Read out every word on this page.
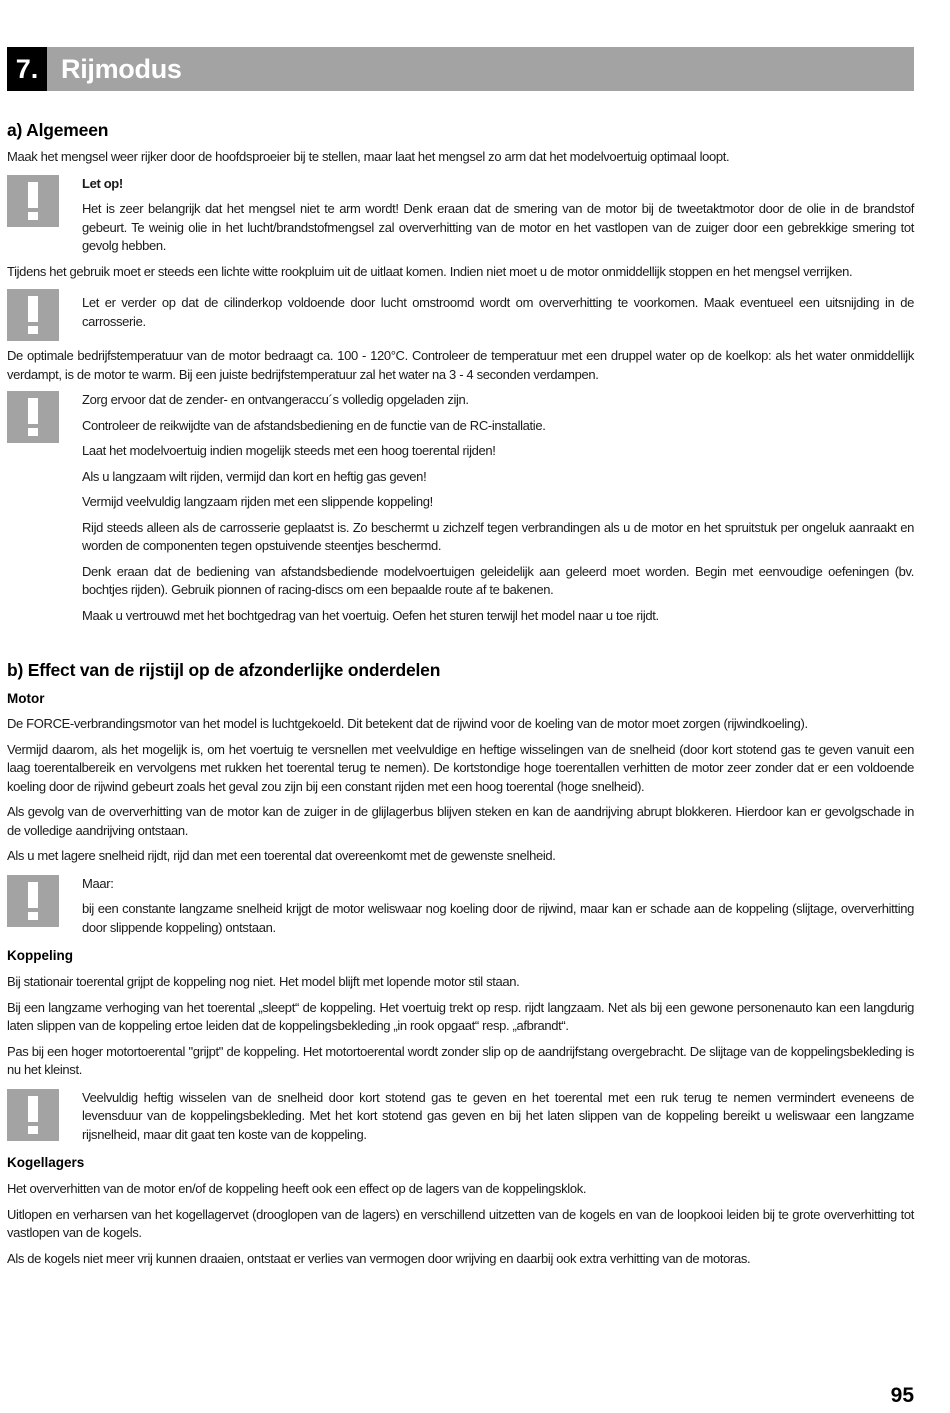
7. Rijmodus
a) Algemeen

Maak het mengsel weer rijker door de hoofdsproeier bij te stellen, maar laat het mengsel zo arm dat het modelvoertuig optimaal loopt.

Let op!

Het is zeer belangrijk dat het mengsel niet te arm wordt! Denk eraan dat de smering van de motor bij de tweetaktmotor door de olie in de brandstof gebeurt. Te weinig olie in het lucht/brandstofmengsel zal oververhitting van de motor en het vastlopen van de zuiger door een gebrekkige smering tot gevolg hebben.

Tijdens het gebruik moet er steeds een lichte witte rookpluim uit de uitlaat komen. Indien niet moet u de motor onmiddellijk stoppen en het mengsel verrijken.

Let er verder op dat de cilinderkop voldoende door lucht omstroomd wordt om oververhitting te voorkomen. Maak eventueel een uitsnijding in de carrosserie.

De optimale bedrijfstemperatuur van de motor bedraagt ca. 100 - 120°C. Controleer de temperatuur met een druppel water op de koelkop: als het water onmiddellijk verdampt, is de motor te warm. Bij een juiste bedrijfstemperatuur zal het water na 3 - 4 seconden verdampen.

Zorg ervoor dat de zender- en ontvangeraccu´s volledig opgeladen zijn.

Controleer de reikwijdte van de afstandsbediening en de functie van de RC-installatie.

Laat het modelvoertuig indien mogelijk steeds met een hoog toerental rijden!

Als u langzaam wilt rijden, vermijd dan kort en heftig gas geven!

Vermijd veelvuldig langzaam rijden met een slippende koppeling!

Rijd steeds alleen als de carrosserie geplaatst is. Zo beschermt u zichzelf tegen verbrandingen als u de motor en het spruitstuk per ongeluk aanraakt en worden de componenten tegen opstuivende steentjes beschermd.

Denk eraan dat de bediening van afstandsbediende modelvoertuigen geleidelijk aan geleerd moet worden. Begin met eenvoudige oefeningen (bv. bochtjes rijden). Gebruik pionnen of racing-discs om een bepaalde route af te bakenen.

Maak u vertrouwd met het bochtgedrag van het voertuig. Oefen het sturen terwijl het model naar u toe rijdt.

b) Effect van de rijstijl op de afzonderlijke onderdelen
Motor

De FORCE-verbrandingsmotor van het model is luchtgekoeld. Dit betekent dat de rijwind voor de koeling van de motor moet zorgen (rijwindkoeling).

Vermijd daarom, als het mogelijk is, om het voertuig te versnellen met veelvuldige en heftige wisselingen van de snelheid (door kort stotend gas te geven vanuit een laag toerentalbereik en vervolgens met rukken het toerental terug te nemen). De kortstondige hoge toerentallen verhitten de motor zeer zonder dat er een voldoende koeling door de rijwind gebeurt zoals het geval zou zijn bij een constant rijden met een hoog toerental (hoge snelheid).

Als gevolg van de oververhitting van de motor kan de zuiger in de glijlagerbus blijven steken en kan de aandrijving abrupt blokkeren. Hierdoor kan er gevolgschade in de volledige aandrijving ontstaan.

Als u met lagere snelheid rijdt, rijd dan met een toerental dat overeenkomt met de gewenste snelheid.

Maar:

bij een constante langzame snelheid krijgt de motor weliswaar nog koeling door de rijwind, maar kan er schade aan de koppeling (slijtage, oververhitting door slippende koppeling) ontstaan.

Koppeling

Bij stationair toerental grijpt de koppeling nog niet. Het model blijft met lopende motor stil staan.

Bij een langzame verhoging van het toerental „sleept“ de koppeling. Het voertuig trekt op resp. rijdt langzaam. Net als bij een gewone personenauto kan een langdurig laten slippen van de koppeling ertoe leiden dat de koppelingsbekleding „in rook opgaat“ resp. „afbrandt“.

Pas bij een hoger motortoerental "grijpt" de koppeling. Het motortoerental wordt zonder slip op de aandrijfstang overgebracht. De slijtage van de koppelingsbekleding is nu het kleinst.

Veelvuldig heftig wisselen van de snelheid door kort stotend gas te geven en het toerental met een ruk terug te nemen vermindert eveneens de levensduur van de koppelingsbekleding. Met het kort stotend gas geven en bij het laten slippen van de koppeling bereikt u weliswaar een langzame rijsnelheid, maar dit gaat ten koste van de koppeling.

Kogellagers

Het oververhitten van de motor en/of de koppeling heeft ook een effect op de lagers van de koppelingsklok.

Uitlopen en verharsen van het kogellagervet (drooglopen van de lagers) en verschillend uitzetten van de kogels en van de loopkooi leiden bij te grote oververhitting tot vastlopen van de kogels.

Als de kogels niet meer vrij kunnen draaien, ontstaat er verlies van vermogen door wrijving en daarbij ook extra verhitting van de motoras.

95
